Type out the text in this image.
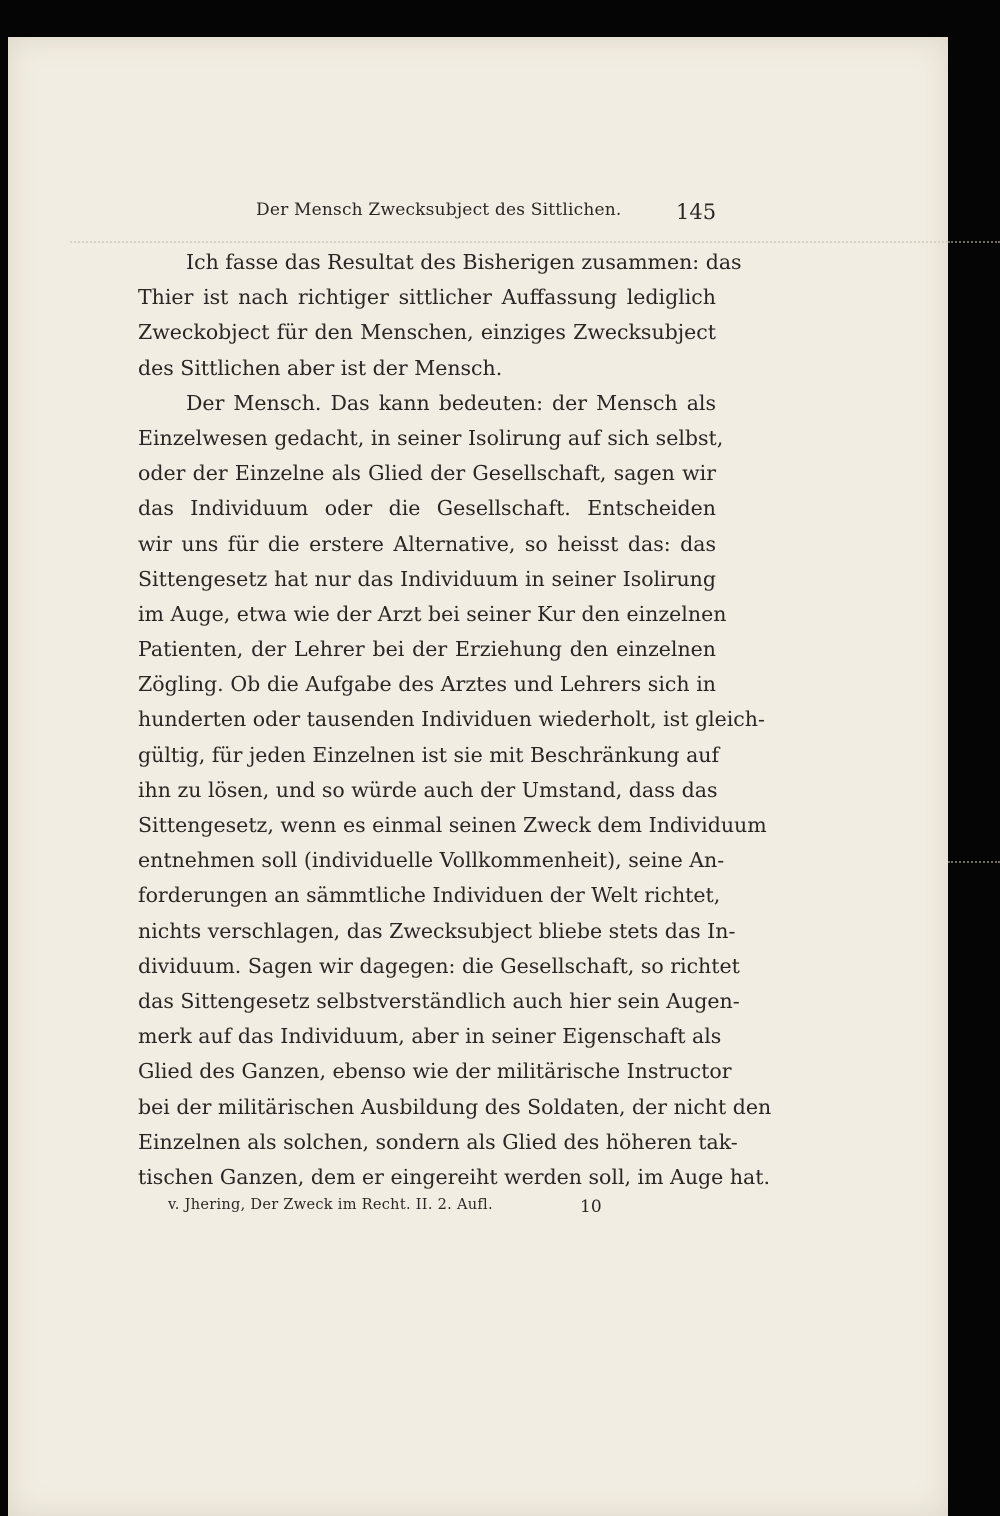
Der Mensch Zwecksubject des Sittlichen.	145
Ich fasse das Resultat des Bisherigen zusammen: das
Thier ist nach richtiger sittlicher Auffassung lediglich
Zweckobject für den Menschen, einziges Zwecksubject
des Sittlichen aber ist der Mensch.
Der Mensch. Das kann bedeuten: der Mensch als
Einzelwesen gedacht, in seiner Isolirung auf sich selbst,
oder der Einzelne als Glied der Gesellschaft, sagen wir
das Individuum oder die Gesellschaft. Entscheiden
wir uns für die erstere Alternative, so heisst das: das
Sittengesetz hat nur das Individuum in seiner Isolirung
im Auge, etwa wie der Arzt bei seiner Kur den einzelnen
Patienten, der Lehrer bei der Erziehung den einzelnen
Zögling. Ob die Aufgabe des Arztes und Lehrers sich in
hunderten oder tausenden Individuen wiederholt, ist gleich-
gültig, für jeden Einzelnen ist sie mit Beschränkung auf
ihn zu lösen, und so würde auch der Umstand, dass das
Sittengesetz, wenn es einmal seinen Zweck dem Individuum
entnehmen soll (individuelle Vollkommenheit), seine An-
forderungen an sämmtliche Individuen der Welt richtet,
nichts verschlagen, das Zwecksubject bliebe stets das In-
dividuum. Sagen wir dagegen: die Gesellschaft, so richtet
das Sittengesetz selbstverständlich auch hier sein Augen-
merk auf das Individuum, aber in seiner Eigenschaft als
Glied des Ganzen, ebenso wie der militärische Instructor
bei der militärischen Ausbildung des Soldaten, der nicht den
Einzelnen als solchen, sondern als Glied des höheren tak-
tischen Ganzen, dem er eingereiht werden soll, im Auge hat.
v. Jhering, Der Zweck im Recht. II. 2. Aufl.	10
